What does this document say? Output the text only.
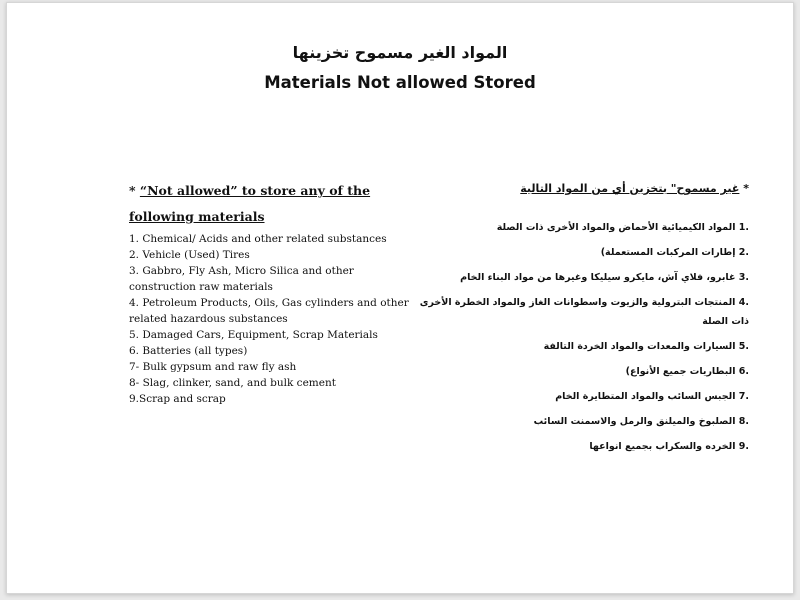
المواد الغير مسموح تخزينها
Materials Not allowed Stored
* “Not allowed” to store any of the following materials
1. Chemical/ Acids and other related substances
2. Vehicle (Used) Tires
3. Gabbro, Fly Ash, Micro Silica and other construction raw materials
4. Petroleum Products, Oils, Gas cylinders and other related hazardous substances
5. Damaged Cars, Equipment, Scrap Materials
6. Batteries (all types)
7- Bulk gypsum and raw fly ash
8- Slag, clinker, sand, and bulk cement
9.Scrap and scrap
* غير مسموح" بتخزين أي من المواد التالية
.1 المواد الكيميائية الأحماض والمواد الأخرى ذات الصلة
.2 إطارات المركبات المستعملة)
.3 غابرو، فلاي آش، مايكرو سيليكا وغيرها من مواد البناء الخام
.4 المنتجات البترولية والزيوت واسطوانات الغاز والمواد الخطرة الأخرى ذات الصلة
.5 السيارات والمعدات والمواد الخردة التالفة
.6 البطاريات جميع الأنواع)
.7 الجبس السائب والمواد المتطايرة الخام
.8 الصلبوخ والميلنق والرمل والاسمنت السائب
.9 الخرده والسكراب بجميع انواعها
